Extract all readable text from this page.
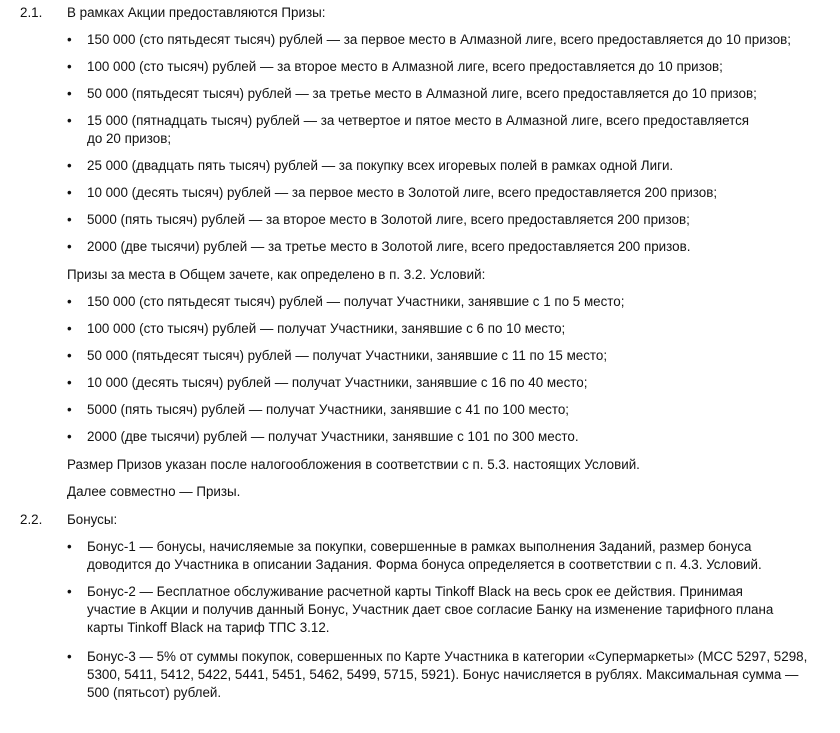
2.1. В рамках Акции предоставляются Призы:
• 150 000 (сто пятьдесят тысяч) рублей — за первое место в Алмазной лиге, всего предоставляется до 10 призов;
• 100 000 (сто тысяч) рублей — за второе место в Алмазной лиге, всего предоставляется до 10 призов;
• 50 000 (пятьдесят тысяч) рублей — за третье место в Алмазной лиге, всего предоставляется до 10 призов;
• 15 000 (пятнадцать тысяч) рублей — за четвертое и пятое место в Алмазной лиге, всего предоставляется
до 20 призов;
• 25 000 (двадцать пять тысяч) рублей — за покупку всех игоревых полей в рамках одной Лиги.
• 10 000 (десять тысяч) рублей — за первое место в Золотой лиге, всего предоставляется 200 призов;
• 5000 (пять тысяч) рублей — за второе место в Золотой лиге, всего предоставляется 200 призов;
• 2000 (две тысячи) рублей — за третье место в Золотой лиге, всего предоставляется 200 призов.
Призы за места в Общем зачете, как определено в п. 3.2. Условий:
• 150 000 (сто пятьдесят тысяч) рублей — получат Участники, занявшие с 1 по 5 место;
• 100 000 (сто тысяч) рублей — получат Участники, занявшие с 6 по 10 место;
• 50 000 (пятьдесят тысяч) рублей — получат Участники, занявшие с 11 по 15 место;
• 10 000 (десять тысяч) рублей — получат Участники, занявшие с 16 по 40 место;
• 5000 (пять тысяч) рублей — получат Участники, занявшие с 41 по 100 место;
• 2000 (две тысячи) рублей — получат Участники, занявшие с 101 по 300 место.
Размер Призов указан после налогообложения в соответствии с п. 5.3. настоящих Условий.
Далее совместно — Призы.
2.2. Бонусы:
• Бонус-1 — бонусы, начисляемые за покупки, совершенные в рамках выполнения Заданий, размер бонуса
доводится до Участника в описании Задания. Форма бонуса определяется в соответствии с п. 4.3. Условий.
• Бонус-2 — Бесплатное обслуживание расчетной карты Tinkoff Black на весь срок ее действия. Принимая
участие в Акции и получив данный Бонус, Участник дает свое согласие Банку на изменение тарифного плана
карты Tinkoff Black на тариф ТПС 3.12.
• Бонус-3 — 5% от суммы покупок, совершенных по Карте Участника в категории «Супермаркеты» (МСС 5297, 5298,
5300, 5411, 5412, 5422, 5441, 5451, 5462, 5499, 5715, 5921). Бонус начисляется в рублях. Максимальная сумма —
500 (пятьсот) рублей.
